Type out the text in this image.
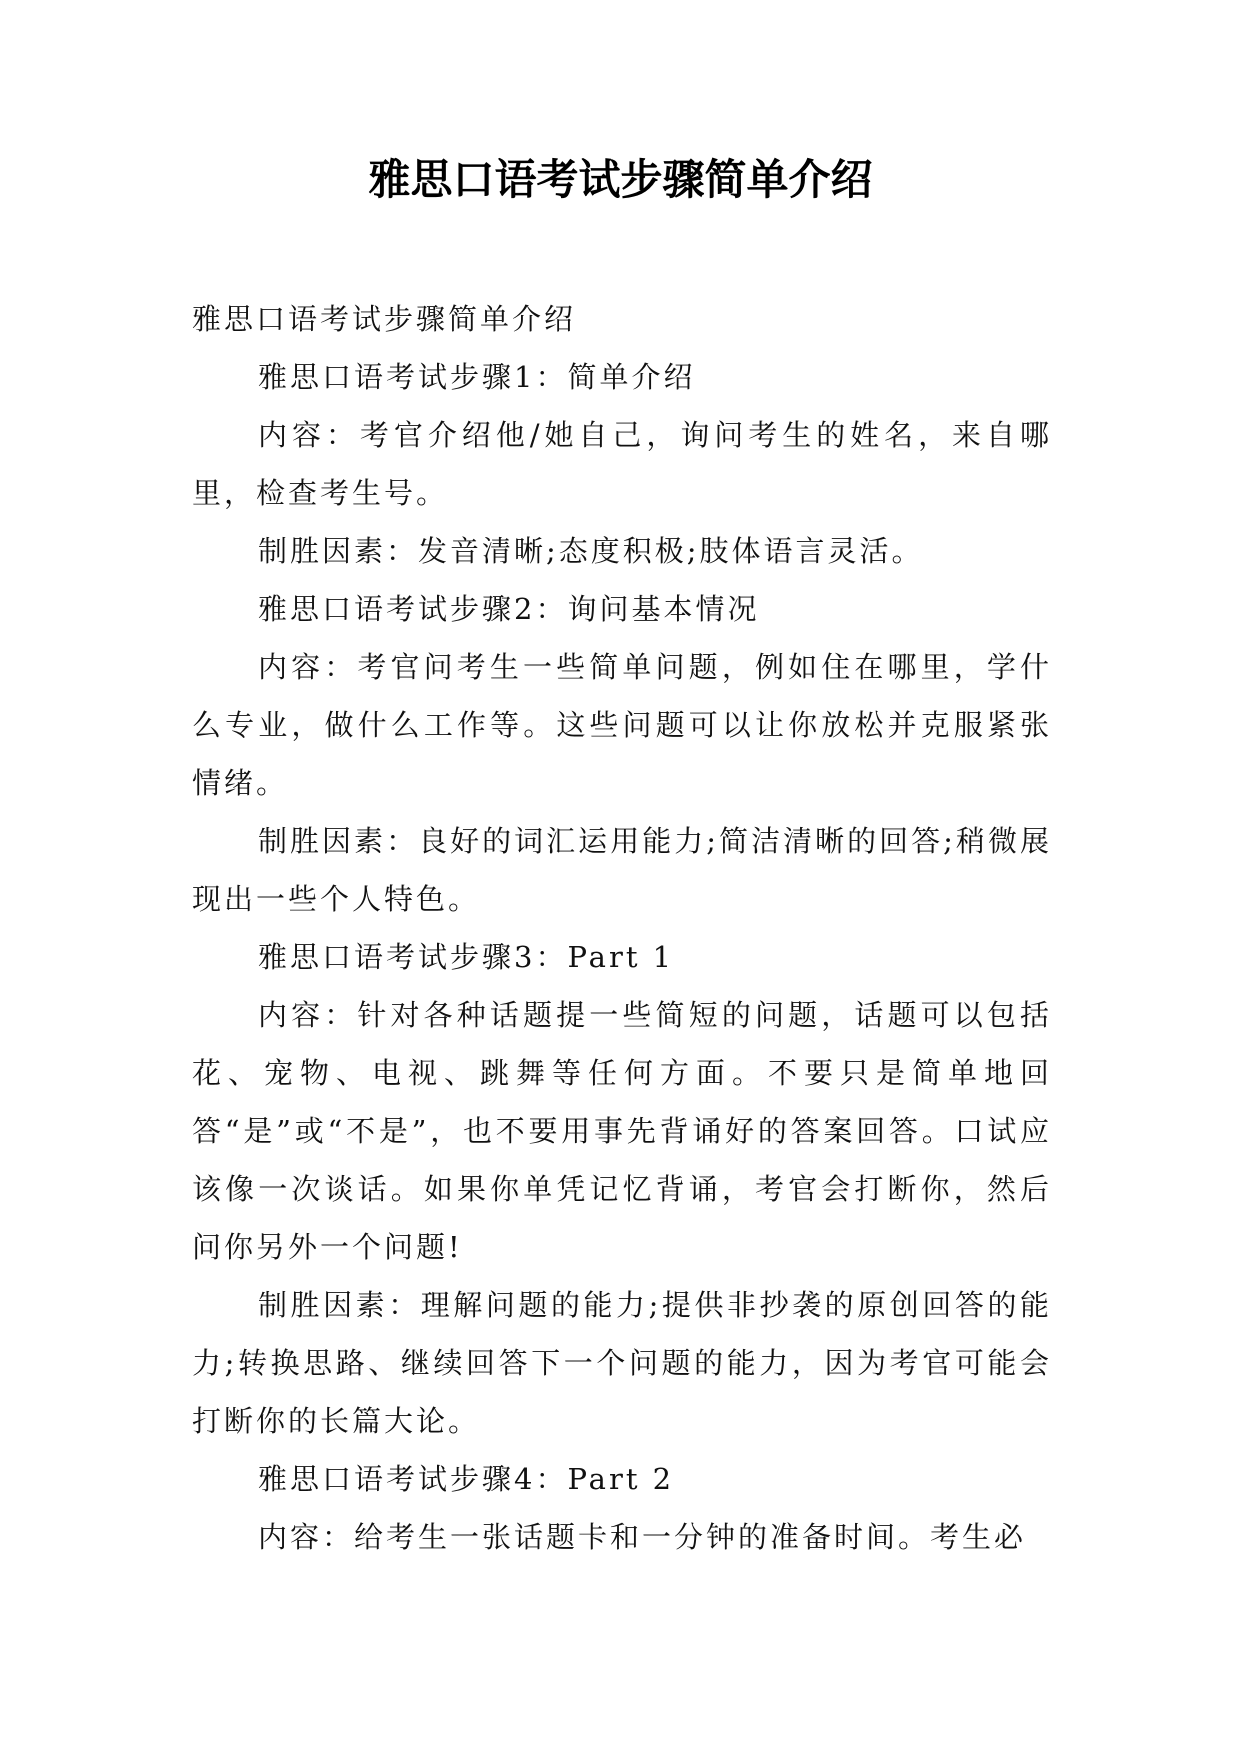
雅思口语考试步骤简单介绍

雅思口语考试步骤简单介绍

雅思口语考试步骤1：简单介绍

内容：考官介绍他/她自己，询问考生的姓名，来自哪里，检查考生号。

制胜因素：发音清晰;态度积极;肢体语言灵活。

雅思口语考试步骤2：询问基本情况

内容：考官问考生一些简单问题，例如住在哪里，学什么专业，做什么工作等。这些问题可以让你放松并克服紧张情绪。

制胜因素：良好的词汇运用能力;简洁清晰的回答;稍微展现出一些个人特色。

雅思口语考试步骤3：Part 1

内容：针对各种话题提一些简短的问题，话题可以包括花、宠物、电视、跳舞等任何方面。不要只是简单地回答“是”或“不是”，也不要用事先背诵好的答案回答。口试应该像一次谈话。如果你单凭记忆背诵，考官会打断你，然后问你另外一个问题!

制胜因素：理解问题的能力;提供非抄袭的原创回答的能力;转换思路、继续回答下一个问题的能力，因为考官可能会打断你的长篇大论。

雅思口语考试步骤4：Part 2

内容：给考生一张话题卡和一分钟的准备时间。考生必
